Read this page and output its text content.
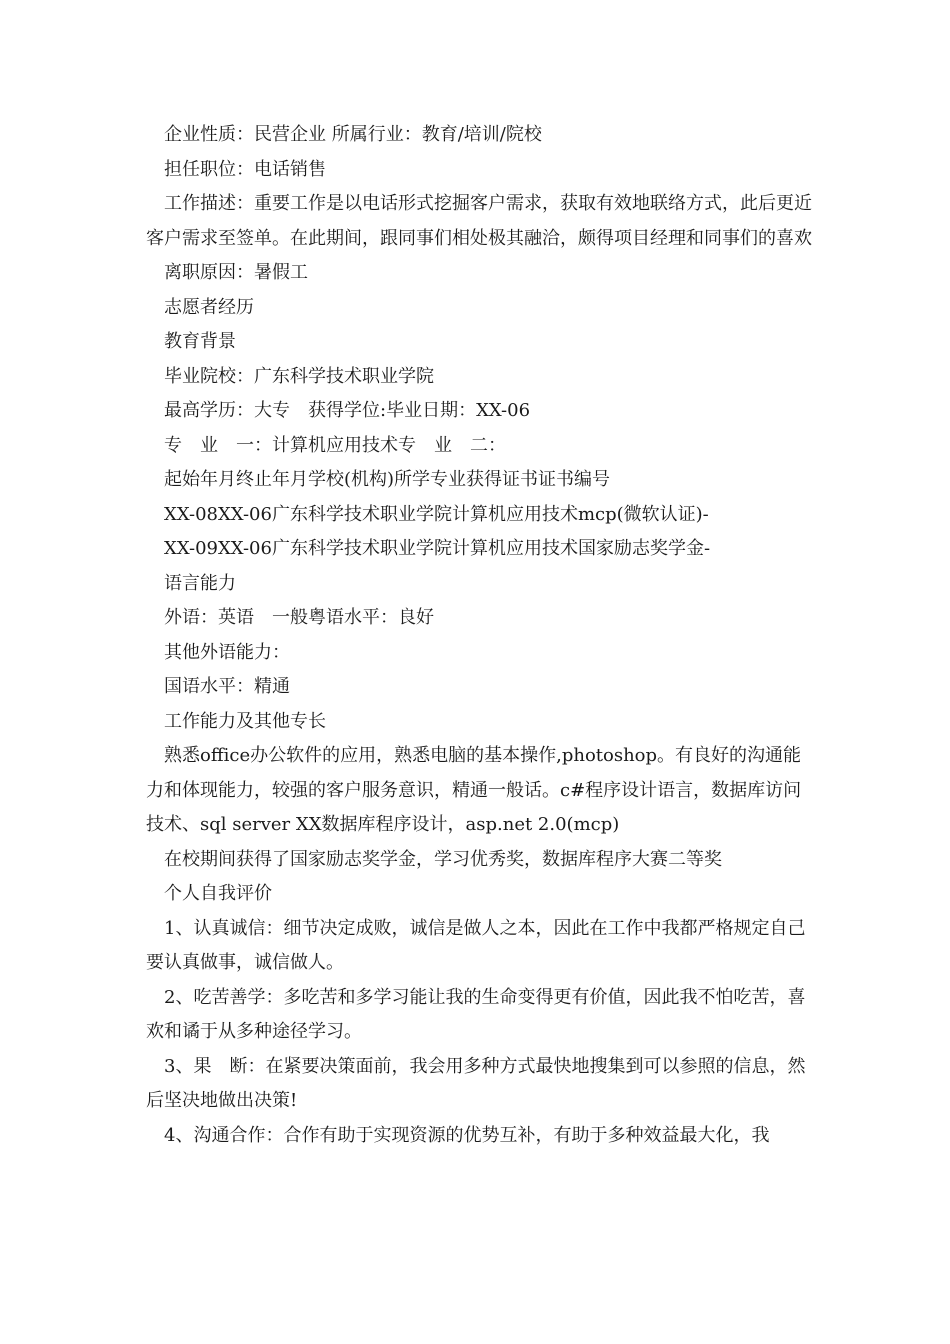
企业性质：民营企业 所属行业：教育/培训/院校

担任职位：电话销售

工作描述：重要工作是以电话形式挖掘客户需求，获取有效地联络方式，此后更近客户需求至签单。在此期间，跟同事们相处极其融洽，颇得项目经理和同事们的喜欢

离职原因：暑假工

志愿者经历

教育背景

毕业院校：广东科学技术职业学院

最高学历：大专　获得学位:毕业日期：XX-06

专　业　一：计算机应用技术专　业　二：

起始年月终止年月学校(机构)所学专业获得证书证书编号

XX-08XX-06广东科学技术职业学院计算机应用技术mcp(微软认证)-

XX-09XX-06广东科学技术职业学院计算机应用技术国家励志奖学金-

语言能力

外语：英语　一般粤语水平：良好

其他外语能力：

国语水平：精通

工作能力及其他专长

熟悉office办公软件的应用，熟悉电脑的基本操作,photoshop。有良好的沟通能力和体现能力，较强的客户服务意识，精通一般话。c#程序设计语言，数据库访问技术、sql server XX数据库程序设计，asp.net 2.0(mcp)

在校期间获得了国家励志奖学金，学习优秀奖，数据库程序大赛二等奖

个人自我评价

1、认真诚信：细节决定成败，诚信是做人之本，因此在工作中我都严格规定自己要认真做事，诚信做人。

2、吃苦善学：多吃苦和多学习能让我的生命变得更有价值，因此我不怕吃苦，喜欢和谲于从多种途径学习。

3、果　断：在紧要决策面前，我会用多种方式最快地搜集到可以参照的信息，然后坚决地做出决策!

4、沟通合作：合作有助于实现资源的优势互补，有助于多种效益最大化，我
